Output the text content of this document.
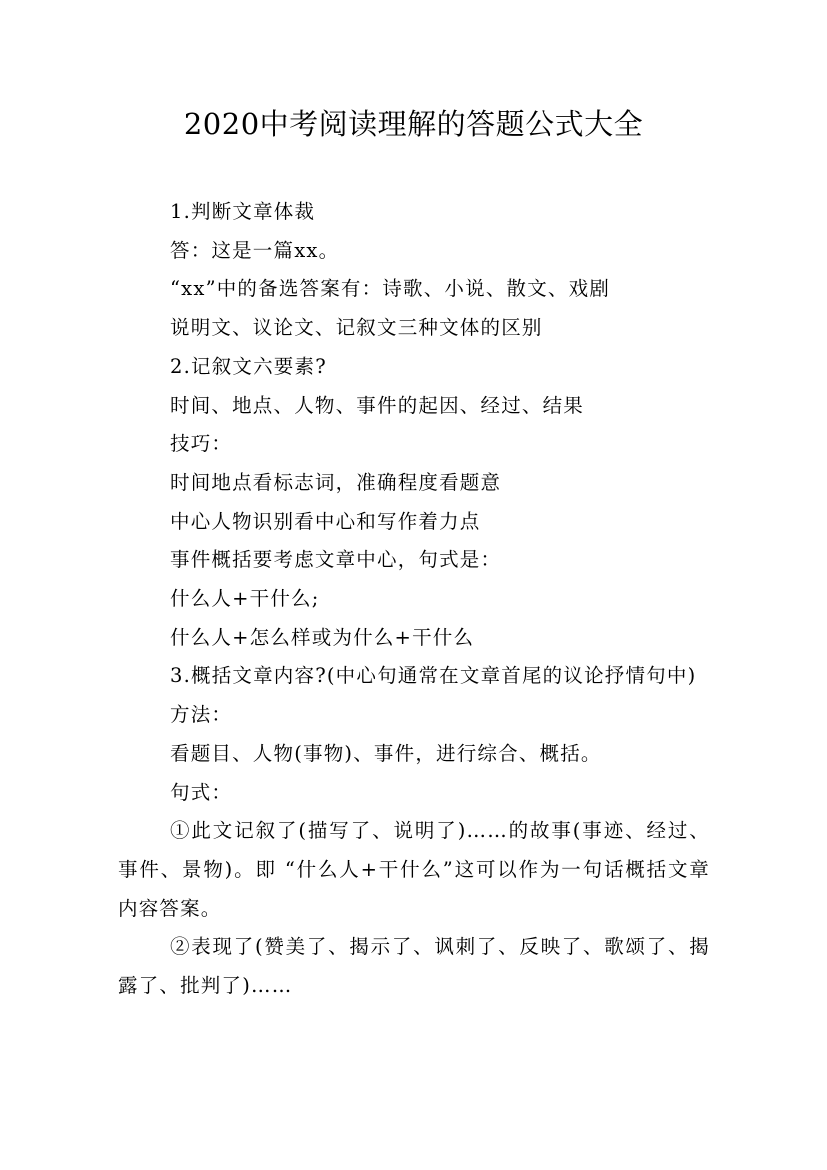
2020中考阅读理解的答题公式大全

1.判断文章体裁

答：这是一篇xx。

“xx”中的备选答案有：诗歌、小说、散文、戏剧

说明文、议论文、记叙文三种文体的区别

2.记叙文六要素?

时间、地点、人物、事件的起因、经过、结果

技巧：

时间地点看标志词，准确程度看题意

中心人物识别看中心和写作着力点

事件概括要考虑文章中心，句式是：

什么人+干什么;

什么人+怎么样或为什么+干什么

3.概括文章内容?(中心句通常在文章首尾的议论抒情句中)

方法：

看题目、人物(事物)、事件，进行综合、概括。

句式：

①此文记叙了(描写了、说明了)……的故事(事迹、经过、事件、景物)。即 “什么人+干什么”这可以作为一句话概括文章内容答案。

②表现了(赞美了、揭示了、讽刺了、反映了、歌颂了、揭露了、批判了)……
